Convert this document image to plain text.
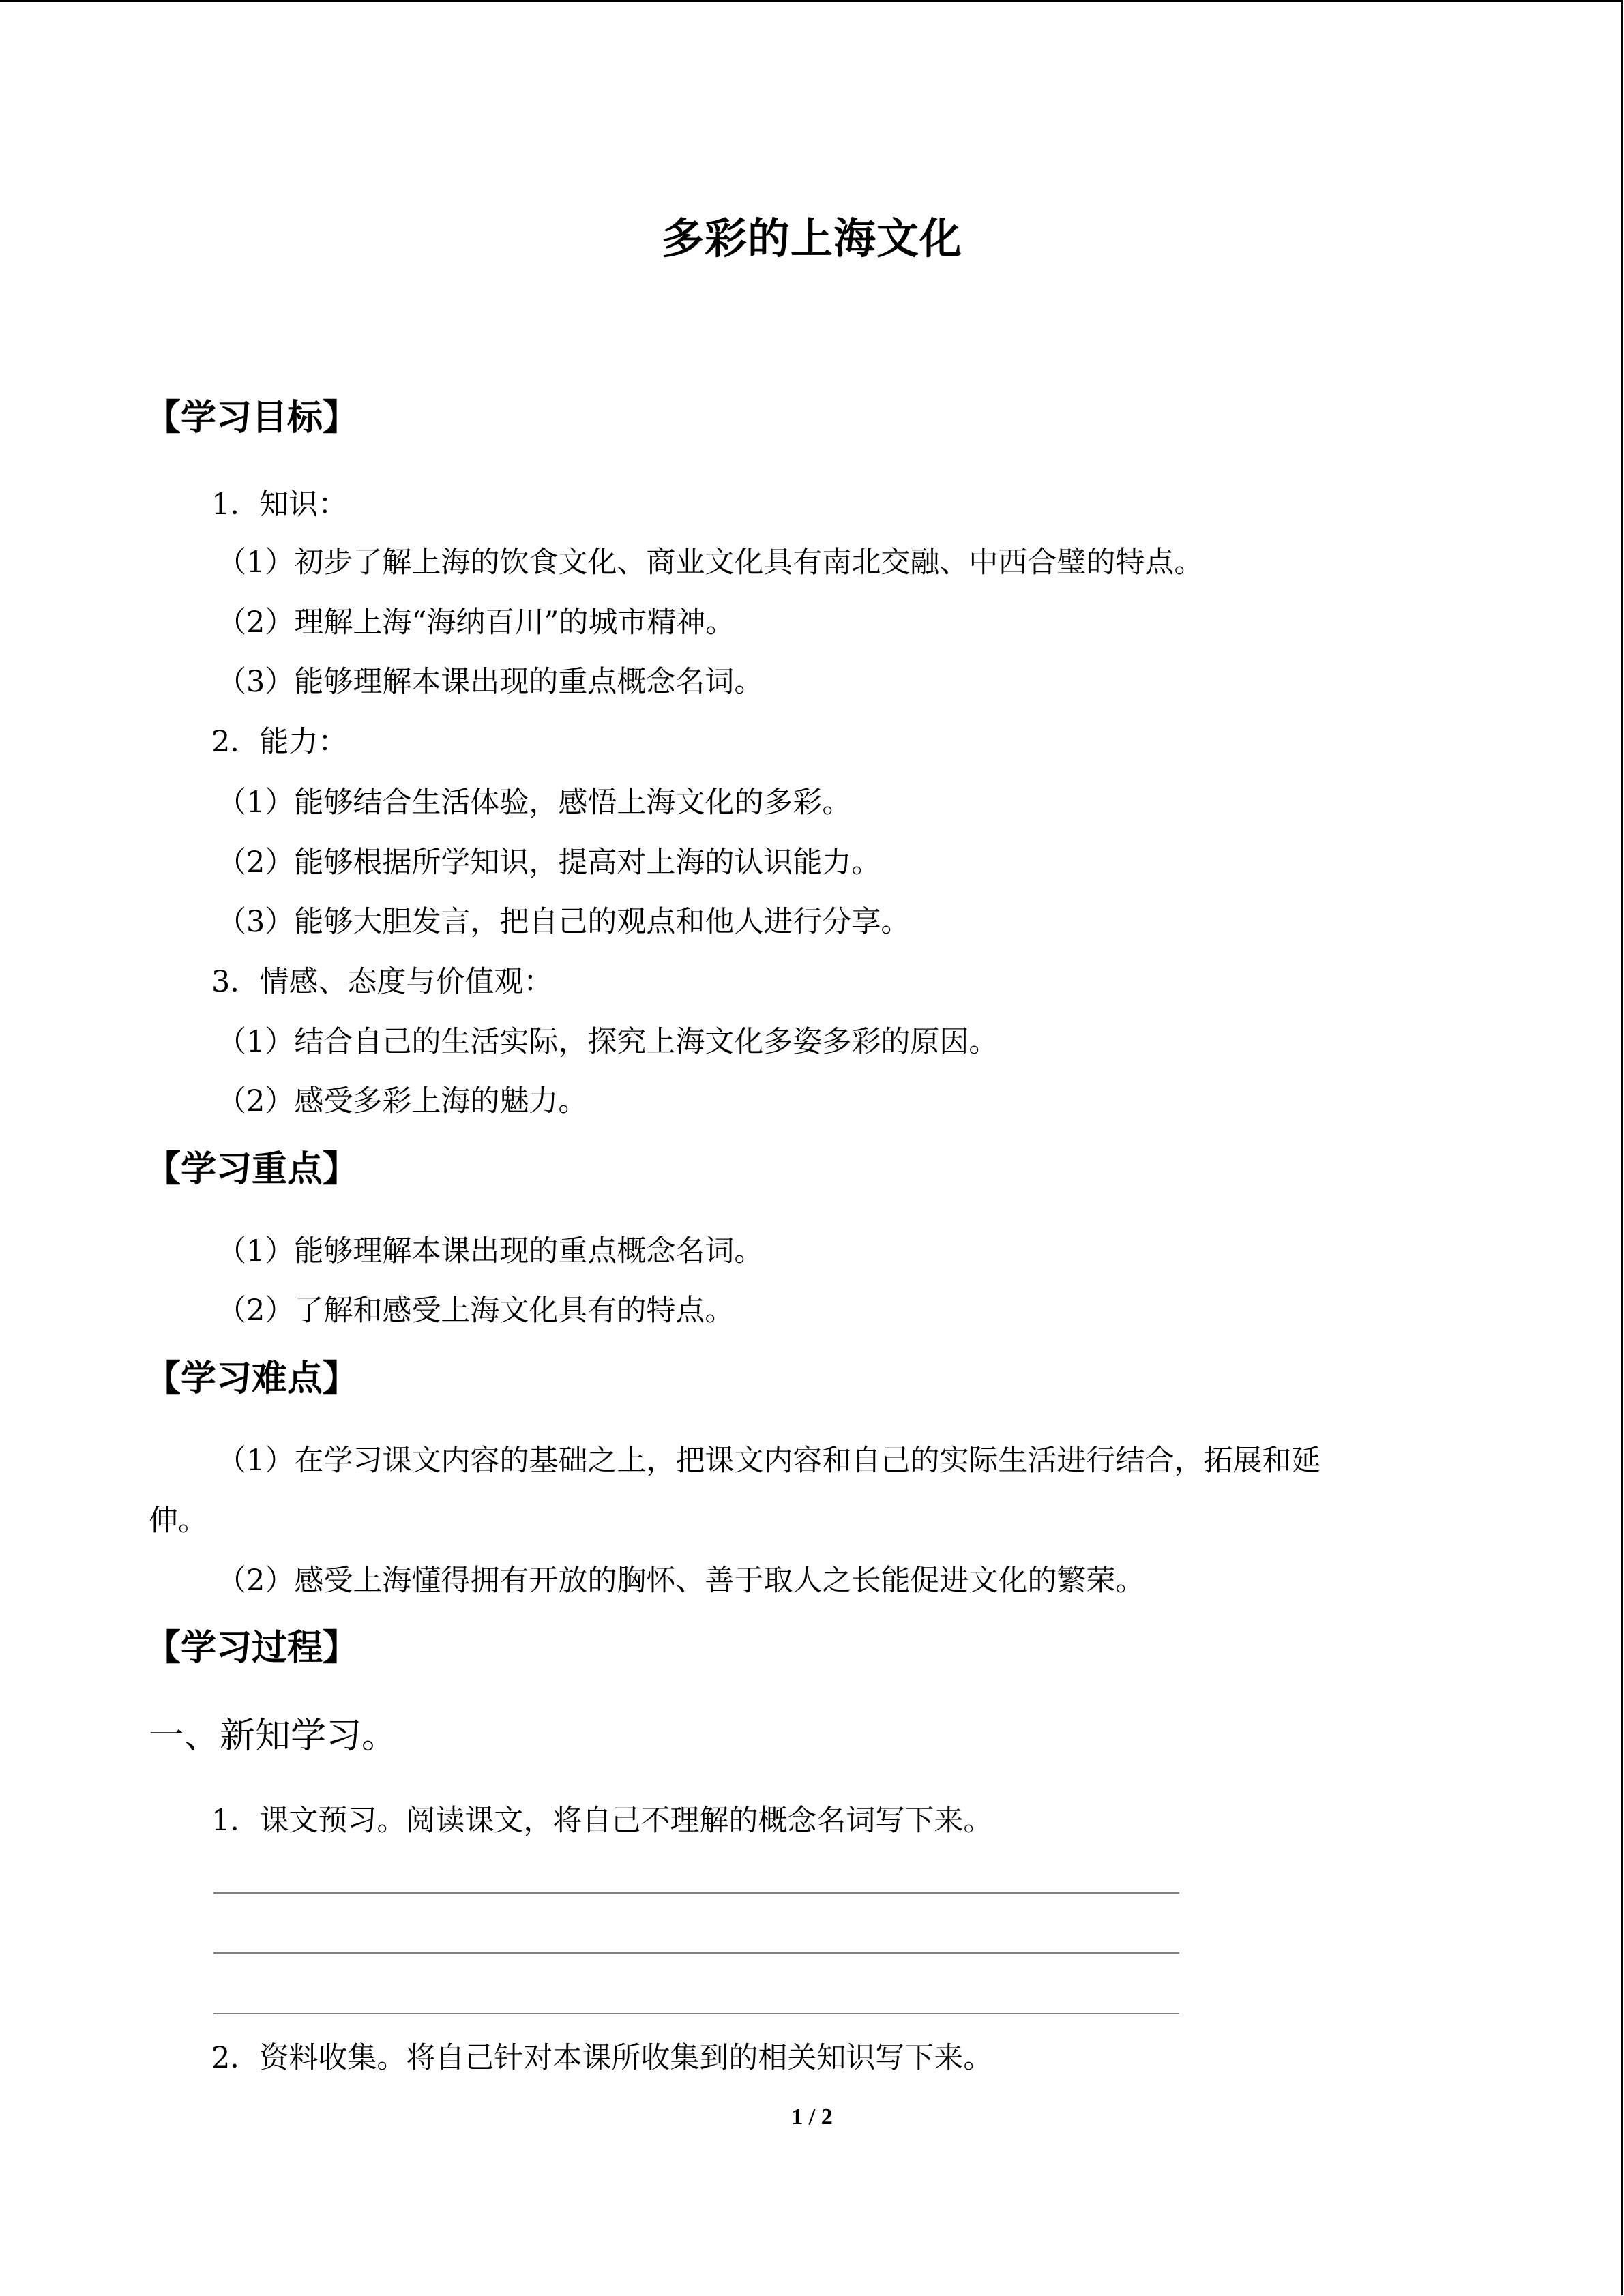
多彩的上海文化
【学习目标】
1．知识：
（1）初步了解上海的饮食文化、商业文化具有南北交融、中西合璧的特点。
（2）理解上海“海纳百川”的城市精神。
（3）能够理解本课出现的重点概念名词。
2．能力：
（1）能够结合生活体验，感悟上海文化的多彩。
（2）能够根据所学知识，提高对上海的认识能力。
（3）能够大胆发言，把自己的观点和他人进行分享。
3．情感、态度与价值观：
（1）结合自己的生活实际，探究上海文化多姿多彩的原因。
（2）感受多彩上海的魅力。
【学习重点】
（1）能够理解本课出现的重点概念名词。
（2）了解和感受上海文化具有的特点。
【学习难点】
（1）在学习课文内容的基础之上，把课文内容和自己的实际生活进行结合，拓展和延
伸。
（2）感受上海懂得拥有开放的胸怀、善于取人之长能促进文化的繁荣。
【学习过程】
一、新知学习。
1．课文预习。阅读课文，将自己不理解的概念名词写下来。
2．资料收集。将自己针对本课所收集到的相关知识写下来。
1 / 2
